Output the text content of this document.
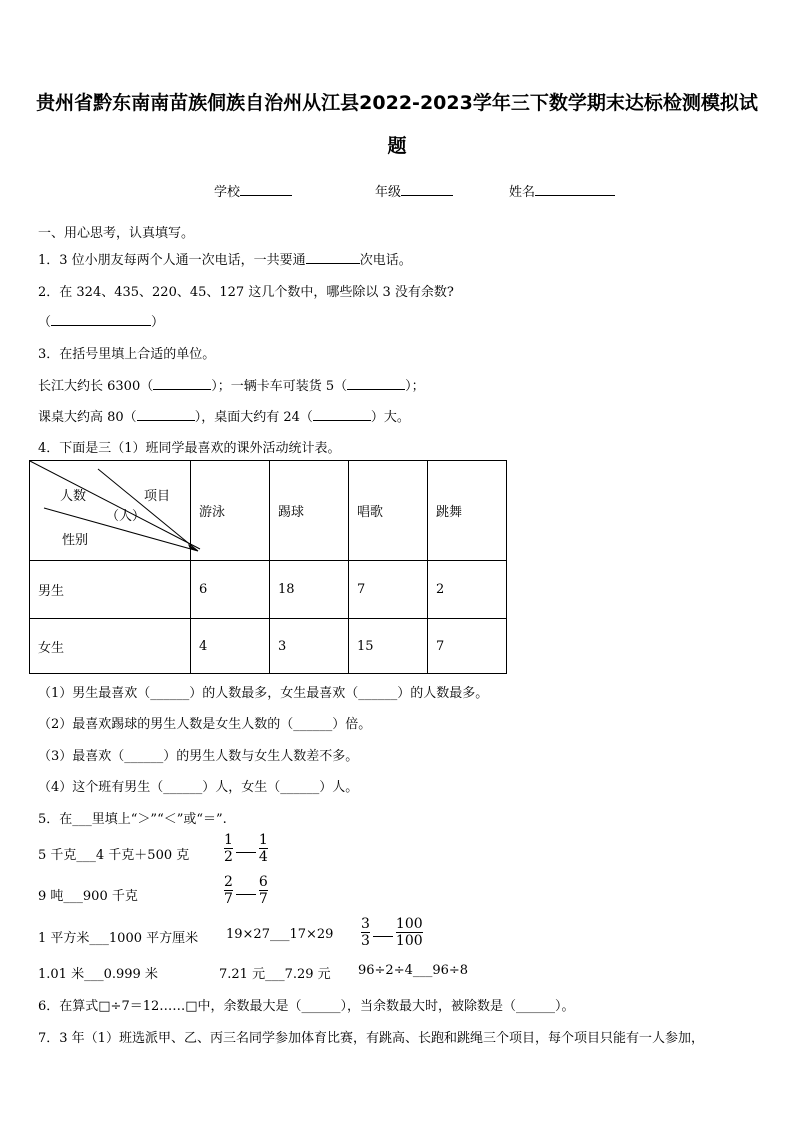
贵州省黔东南南苗族侗族自治州从江县2022-2023学年三下数学期末达标检测模拟试
题
学校	年级	姓名
一、用心思考，认真填写。
1．3 位小朋友每两个人通一次电话，一共要通	次电话。
2．在 324、435、220、45、127 这几个数中，哪些除以 3 没有余数?
（	）
3．在括号里填上合适的单位。
长江大约长 6300（	）；一辆卡车可装货 5（	）；
课桌大约高 80（	），桌面大约有 24（	）大。
4．下面是三（1）班同学最喜欢的课外活动统计表。
人数 项目
（人）
性别	游泳	踢球	唱歌	跳舞
男生	6	18	7	2
女生	4	3	15	7
（1）男生最喜欢（______）的人数最多，女生最喜欢（______）的人数最多。
（2）最喜欢踢球的男生人数是女生人数的（______）倍。
（3）最喜欢（______）的男生人数与女生人数差不多。
（4）这个班有男生（______）人，女生（______）人。
5．在___里填上“＞”“＜”或“＝”.
5 千克___4 千克＋500 克 $\frac{1}{2} \frac{1}{4}$
9 吨___900 千克	$\frac{2}{7} \frac{6}{7}$
1 平方米___1000 平方厘米 19×27___17×29 $\frac{3}{3} \frac{100}{100}$
1.01 米___0.999 米	7.21 元___7.29 元 96÷2÷4___96÷8
6．在算式□÷7＝12……□中，余数最大是（______），当余数最大时，被除数是（______）。
7．3 年（1）班选派甲、乙、丙三名同学参加体育比赛，有跳高、长跑和跳绳三个项目，每个项目只能有一人参加，
